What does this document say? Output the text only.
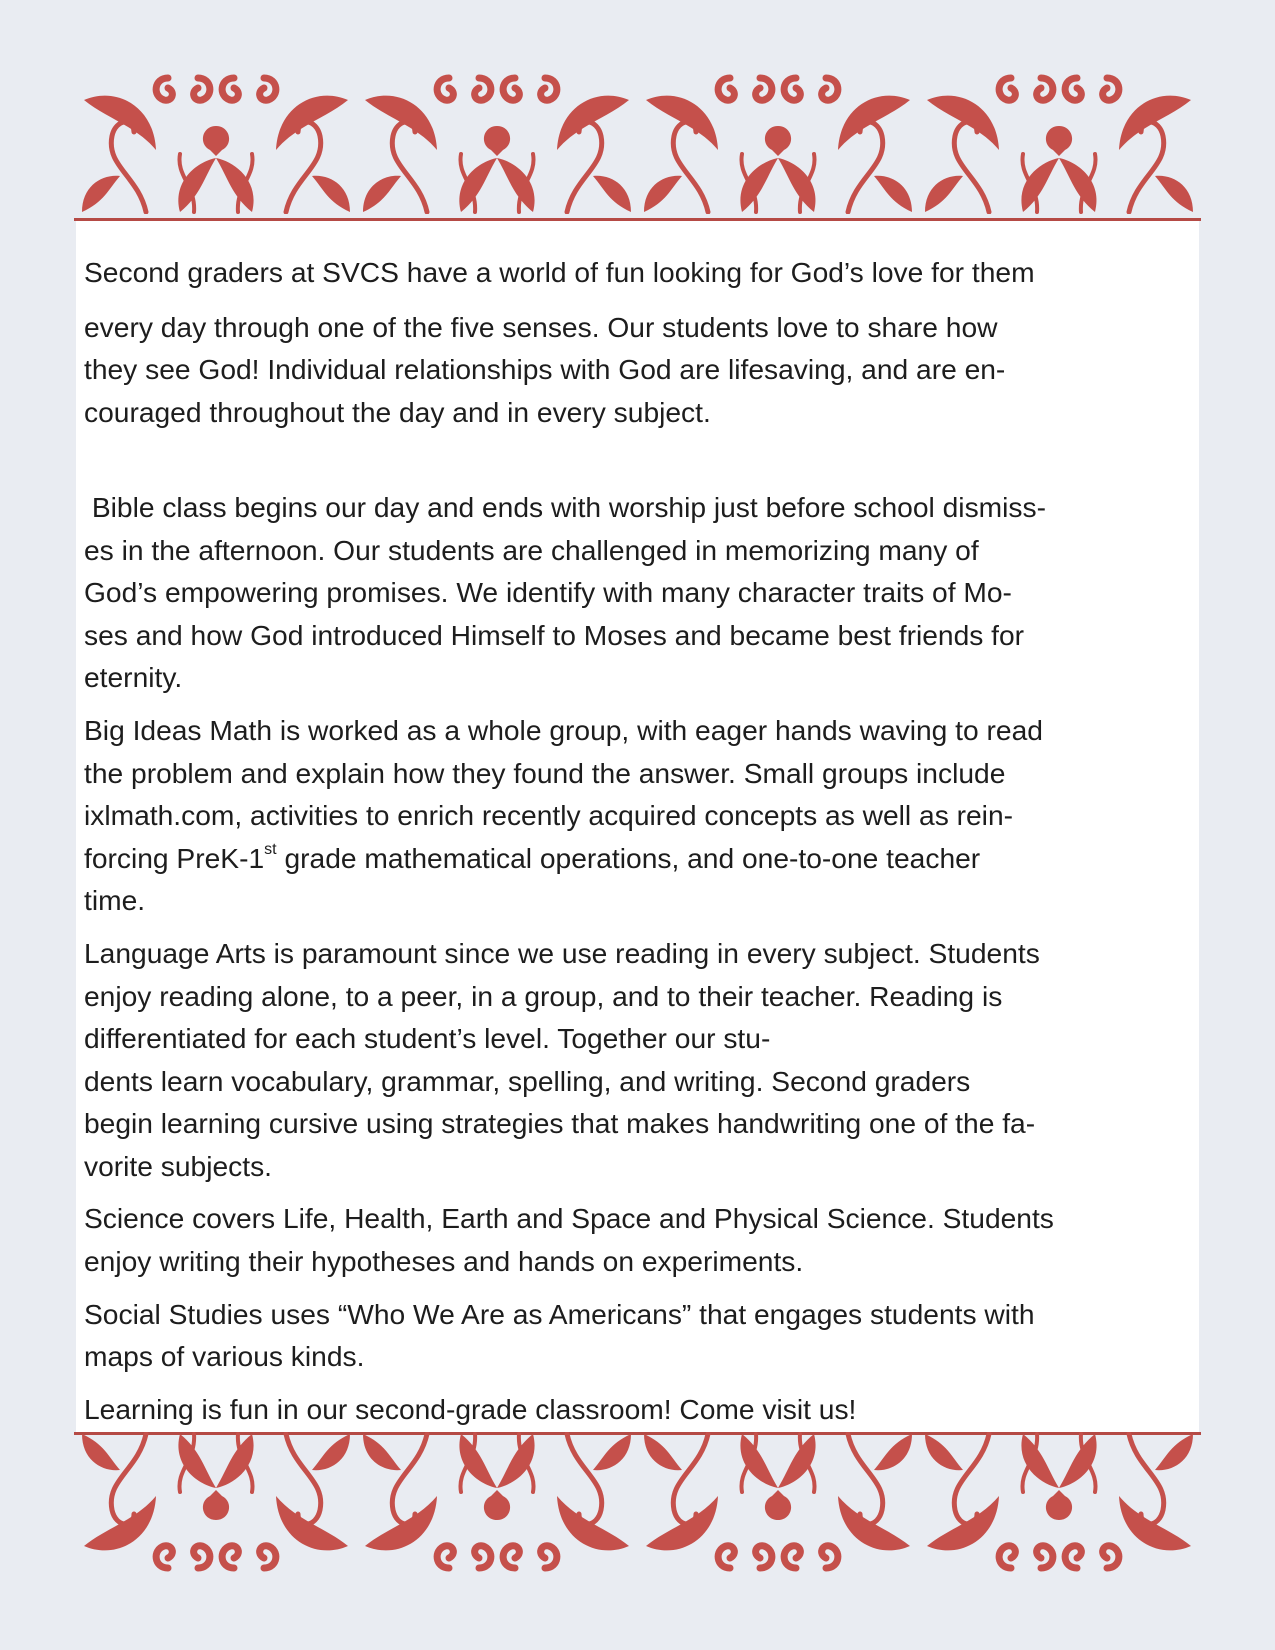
Second graders at SVCS have a world of fun looking for God’s love for them
every day through one of the five senses. Our students love to share how
they see God! Individual relationships with God are lifesaving, and are en-
couraged throughout the day and in every subject.

Bible class begins our day and ends with worship just before school dismiss-
es in the afternoon. Our students are challenged in memorizing many of
God’s empowering promises. We identify with many character traits of Mo-
ses and how God introduced Himself to Moses and became best friends for
eternity.

Big Ideas Math is worked as a whole group, with eager hands waving to read
the problem and explain how they found the answer. Small groups include
ixlmath.com, activities to enrich recently acquired concepts as well as rein-
forcing PreK-1st grade mathematical operations, and one-to-one teacher
time.

Language Arts is paramount since we use reading in every subject. Students
enjoy reading alone, to a peer, in a group, and to their teacher. Reading is
differentiated for each student’s level. Together our stu-
dents learn vocabulary, grammar, spelling, and writing. Second graders
begin learning cursive using strategies that makes handwriting one of the fa-
vorite subjects.

Science covers Life, Health, Earth and Space and Physical Science. Students
enjoy writing their hypotheses and hands on experiments.

Social Studies uses “Who We Are as Americans” that engages students with
maps of various kinds.

Learning is fun in our second-grade classroom! Come visit us!
